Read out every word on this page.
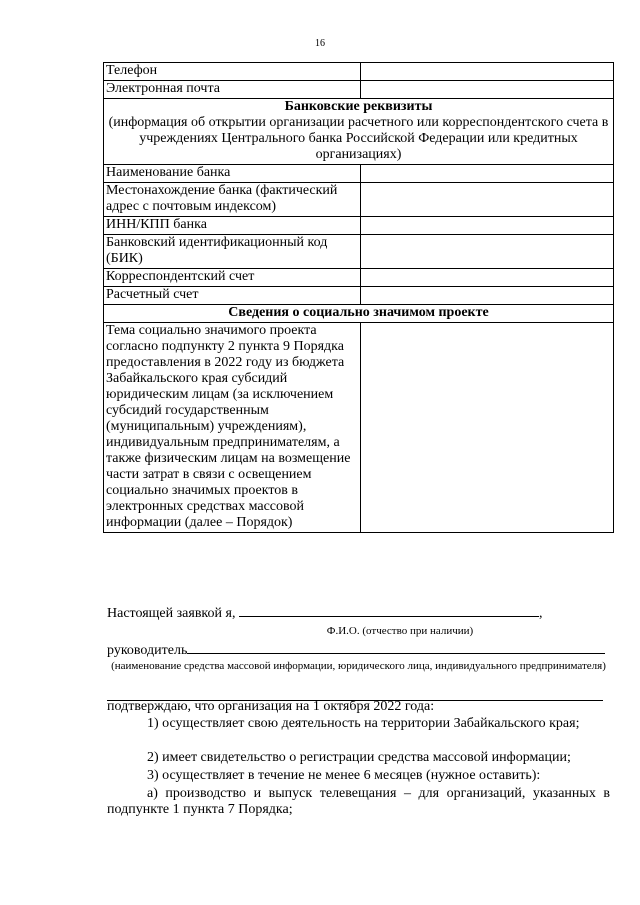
16
Телефон	
Электронная почта	

Банковские реквизиты
(информация об открытии организации расчетного или корреспондентского счета в учреждениях Центрального банка Российской Федерации или кредитных организациях)	
Наименование банка	
Местонахождение банка (фактический адрес с почтовым индексом)	
ИНН/КПП банка	
Банковский идентификационный код (БИК)	
Корреспондентский счет	
Расчетный счет	

Сведения о социально значимом проекте	

Тема социально значимого проекта согласно подпункту 2 пункта 9 Порядка предоставления в 2022 году из бюджета Забайкальского края субсидий юридическим лицам (за исключением субсидий государственным (муниципальным) учреждениям), индивидуальным предпринимателям, а также физическим лицам на возмещение части затрат в связи с освещением социально значимых проектов в электронных средствах массовой информации (далее – Порядок)	
Настоящей заявкой я,	,
Ф.И.О. (отчество при наличии)
руководитель
(наименование средства массовой информации, юридического лица, индивидуального предпринимателя)
подтверждаю, что организация на 1 октября 2022 года:
1) осуществляет свою деятельность на территории Забайкальского края;
2) имеет свидетельство о регистрации средства массовой информации;
3) осуществляет в течение не менее 6 месяцев (нужное оставить):
а) производство и выпуск телевещания – для организаций, указанных в подпункте 1 пункта 7 Порядка;
